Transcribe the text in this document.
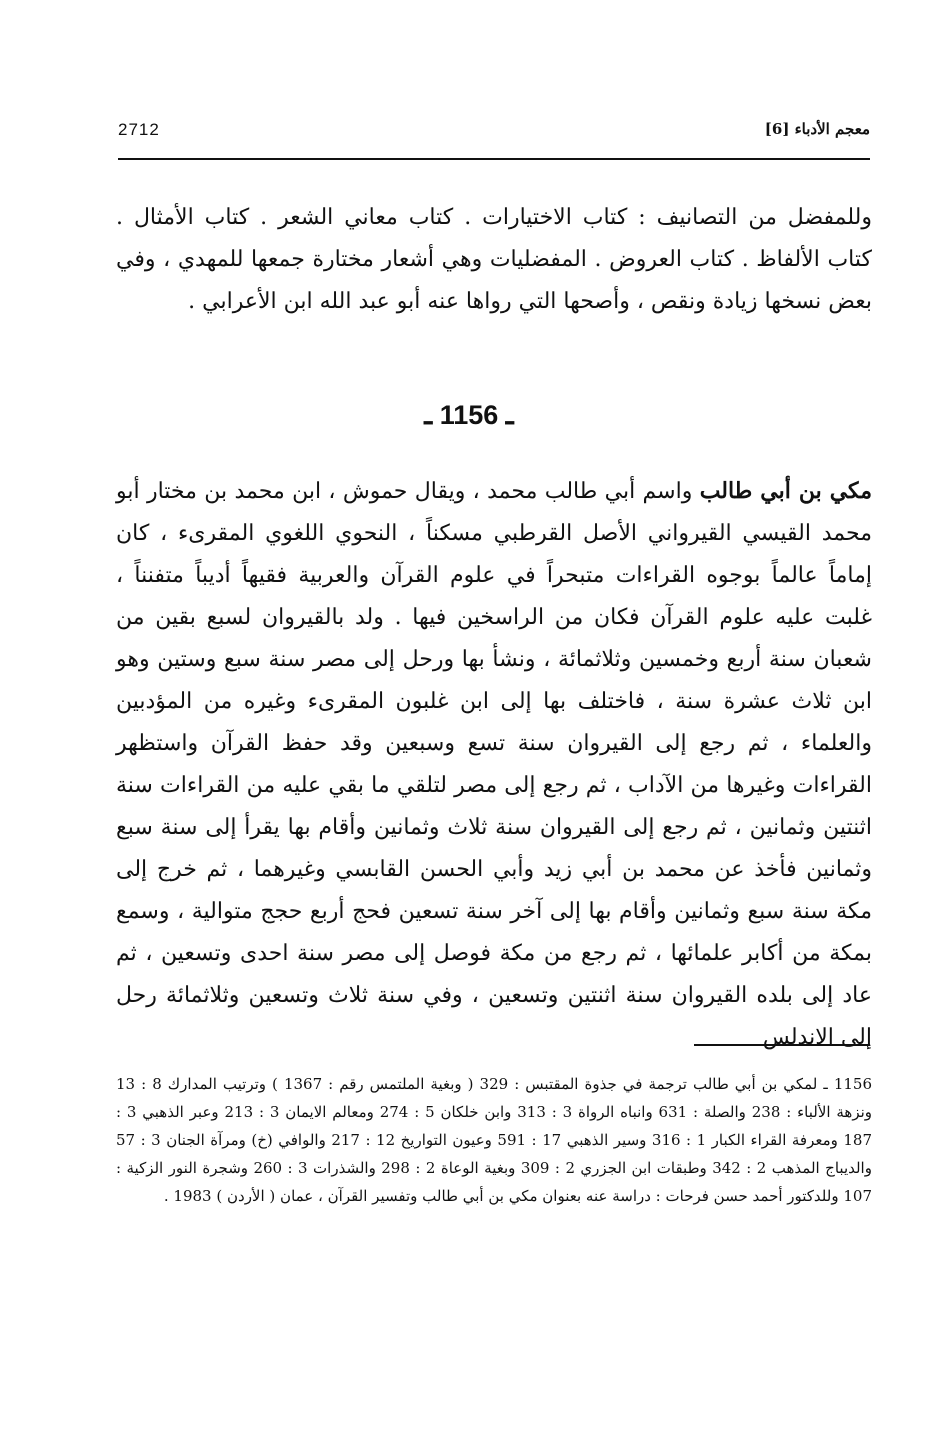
2712	معجم الأدباء [6]

وللمفضل من التصانيف : كتاب الاختيارات . كتاب معاني الشعر . كتاب الأمثال . كتاب الألفاظ . كتاب العروض . المفضليات وهي أشعار مختارة جمعها للمهدي ، وفي بعض نسخها زيادة ونقص ، وأصحها التي رواها عنه أبو عبد الله ابن الأعرابي .

ـ 1156 ـ

مكي بن أبي طالب واسم أبي طالب محمد ، ويقال حموش ، ابن محمد بن مختار أبو محمد القيسي القيرواني الأصل القرطبي مسكناً ، النحوي اللغوي المقرىء ، كان إماماً عالماً بوجوه القراءات متبحراً في علوم القرآن والعربية فقيهاً أديباً متفنناً ، غلبت عليه علوم القرآن فكان من الراسخين فيها . ولد بالقيروان لسبع بقين من شعبان سنة أربع وخمسين وثلاثمائة ، ونشأ بها ورحل إلى مصر سنة سبع وستين وهو ابن ثلاث عشرة سنة ، فاختلف بها إلى ابن غلبون المقرىء وغيره من المؤدبين والعلماء ، ثم رجع إلى القيروان سنة تسع وسبعين وقد حفظ القرآن واستظهر القراءات وغيرها من الآداب ، ثم رجع إلى مصر لتلقي ما بقي عليه من القراءات سنة اثنتين وثمانين ، ثم رجع إلى القيروان سنة ثلاث وثمانين وأقام بها يقرأ إلى سنة سبع وثمانين فأخذ عن محمد بن أبي زيد وأبي الحسن القابسي وغيرهما ، ثم خرج إلى مكة سنة سبع وثمانين وأقام بها إلى آخر سنة تسعين فحج أربع حجج متوالية ، وسمع بمكة من أكابر علمائها ، ثم رجع من مكة فوصل إلى مصر سنة احدى وتسعين ، ثم عاد إلى بلده القيروان سنة اثنتين وتسعين ، وفي سنة ثلاث وتسعين وثلاثمائة رحل إلى الاندلس

1156 ـ لمكي بن أبي طالب ترجمة في جذوة المقتبس : 329 ( وبغية الملتمس رقم : 1367 ) وترتيب المدارك 8 : 13 ونزهة الألباء : 238 والصلة : 631 وانباه الرواة 3 : 313 وابن خلكان 5 : 274 ومعالم الايمان 3 : 213 وعبر الذهبي 3 : 187 ومعرفة القراء الكبار 1 : 316 وسير الذهبي 17 : 591 وعيون التواريخ 12 : 217 والوافي (خ) ومرآة الجنان 3 : 57 والديباج المذهب 2 : 342 وطبقات ابن الجزري 2 : 309 وبغية الوعاة 2 : 298 والشذرات 3 : 260 وشجرة النور الزكية : 107 وللدكتور أحمد حسن فرحات : دراسة عنه بعنوان مكي بن أبي طالب وتفسير القرآن ، عمان ( الأردن ) 1983 .
